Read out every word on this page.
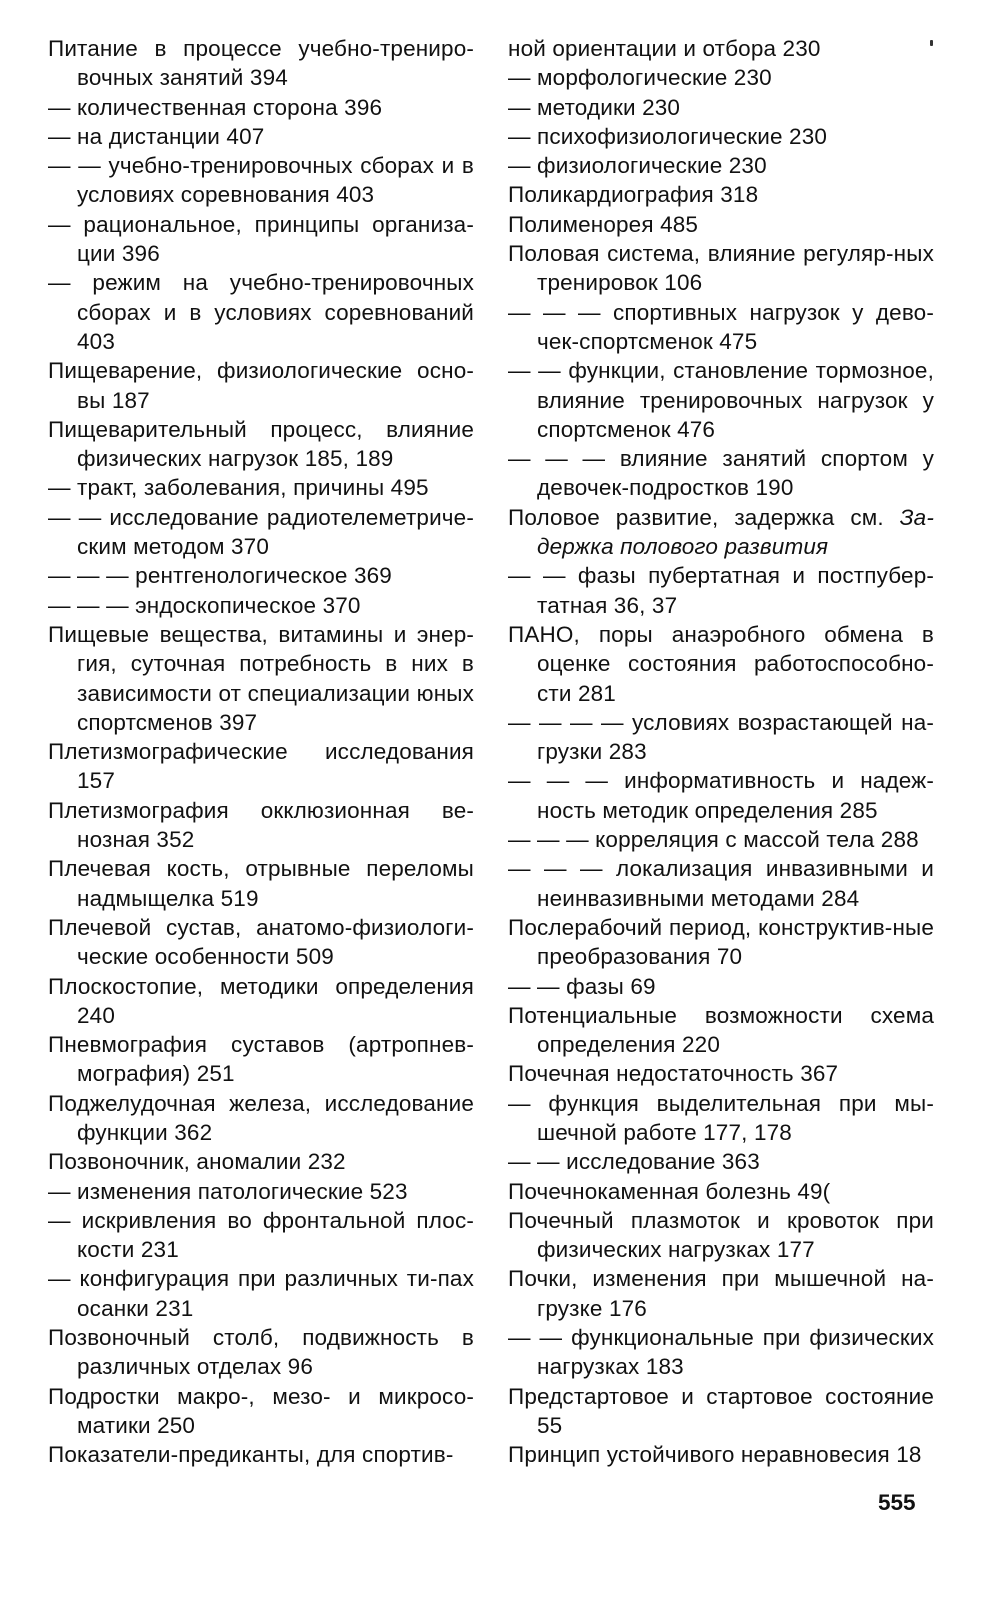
Питание в процессе учебно-трениро-вочных занятий 394

— количественная сторона 396

— на дистанции 407

— — учебно-тренировочных сборах и в условиях соревнования 403

— рациональное, принципы организа-ции 396

— режим на учебно-тренировочных сборах и в условиях соревнований 403

Пищеварение, физиологические осно-вы 187

Пищеварительный процесс, влияние физических нагрузок 185, 189

— тракт, заболевания, причины 495

— — исследование радиотелеметриче-ским методом 370

— — — рентгенологическое 369

— — — эндоскопическое 370

Пищевые вещества, витамины и энер-гия, суточная потребность в них в зависимости от специализации юных спортсменов 397

Плетизмографические исследования 157

Плетизмография окклюзионная ве-нозная 352

Плечевая кость, отрывные переломы надмыщелка 519

Плечевой сустав, анатомо-физиологи-ческие особенности 509

Плоскостопие, методики определения 240

Пневмография суставов (артропнев-мография) 251

Поджелудочная железа, исследование функции 362

Позвоночник, аномалии 232

— изменения патологические 523

— искривления во фронтальной плос-кости 231

— конфигурация при различных ти-пах осанки 231

Позвоночный столб, подвижность в различных отделах 96

Подростки макро-, мезо- и микросо-матики 250

Показатели-предиканты, для спортив-

ной ориентации и отбора 230

— морфологические 230

— методики 230

— психофизиологические 230

— физиологические 230

Поликардиография 318

Полименорея 485

Половая система, влияние регуляр-ных тренировок 106

— — — спортивных нагрузок у дево-чек-спортсменок 475

— — функции, становление тормозное, влияние тренировочных нагрузок у спортсменок 476

— — — влияние занятий спортом у девочек-подростков 190

Половое развитие, задержка см. За-держка полового развития

— — фазы пубертатная и постпубер-татная 36, 37

ПАНО, поры анаэробного обмена в оценке состояния работоспособно-сти 281

— — — — условиях возрастающей на-грузки 283

— — — информативность и надеж-ность методик определения 285

— — — корреляция с массой тела 288

— — — локализация инвазивными и неинвазивными методами 284

Послерабочий период, конструктив-ные преобразования 70

— — фазы 69

Потенциальные возможности схема определения 220

Почечная недостаточность 367

— функция выделительная при мы-шечной работе 177, 178

— — исследование 363

Почечнокаменная болезнь 49(

Почечный плазмоток и кровоток при физических нагрузках 177

Почки, изменения при мышечной на-грузке 176

— — функциональные при физических нагрузках 183

Предстартовое и стартовое состояние 55

Принцип устойчивого неравновесия 18

555
